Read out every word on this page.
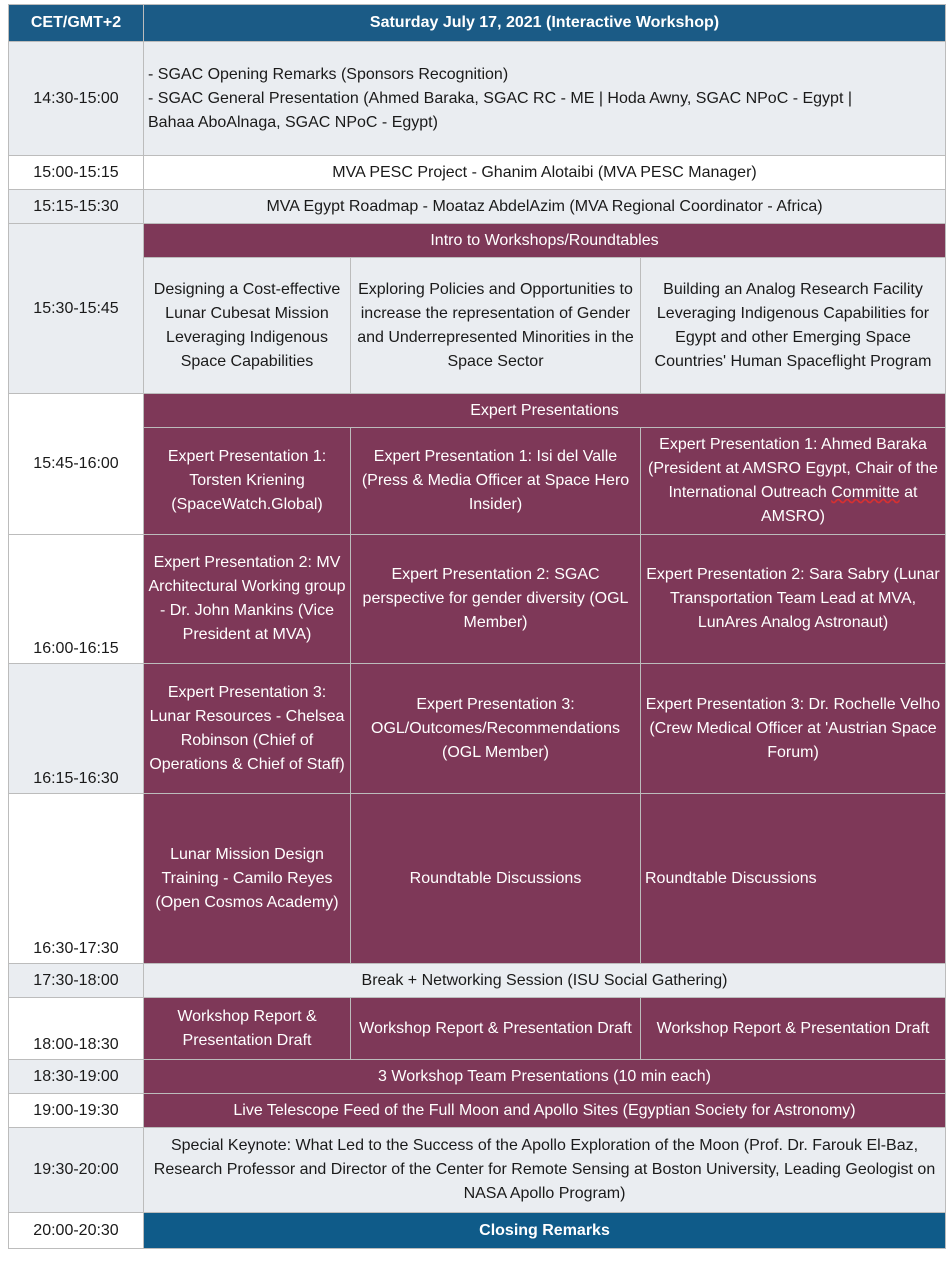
CET/GMT+2	Saturday July 17, 2021 (Interactive Workshop)		
14:30-15:00	- SGAC Opening Remarks (Sponsors Recognition)
- SGAC General Presentation (Ahmed Baraka, SGAC RC - ME | Hoda Awny, SGAC NPoC - Egypt |
Bahaa AboAlnaga, SGAC NPoC - Egypt)		

15:00-15:15	MVA PESC Project - Ghanim Alotaibi (MVA PESC Manager)		
15:15-15:30	MVA Egypt Roadmap - Moataz AbdelAzim (MVA Regional Coordinator - Africa)		
15:30-15:45	Intro to Workshops/Roundtables		
	Designing a Cost-effective Lunar Cubesat Mission Leveraging Indigenous Space Capabilities	Exploring Policies and Opportunities to increase the representation of Gender and Underrepresented Minorities in the Space Sector	Building an Analog Research Facility Leveraging Indigenous Capabilities for Egypt and other Emerging Space Countries' Human Spaceflight Program
15:45-16:00	Expert Presentations		
	Expert Presentation 1: Torsten Kriening (SpaceWatch.Global)	Expert Presentation 1: Isi del Valle (Press & Media Officer at Space Hero Insider)	Expert Presentation 1: Ahmed Baraka (President at AMSRO Egypt, Chair of the International Outreach Committe at AMSRO)
16:00-16:15	Expert Presentation 2: MV Architectural Working group - Dr. John Mankins (Vice President at MVA)	Expert Presentation 2: SGAC perspective for gender diversity (OGL Member)	Expert Presentation 2: Sara Sabry (Lunar Transportation Team Lead at MVA, LunAres Analog Astronaut)
16:15-16:30	Expert Presentation 3: Lunar Resources - Chelsea Robinson (Chief of Operations & Chief of Staff)	Expert Presentation 3: OGL/Outcomes/Recommendations (OGL Member)	Expert Presentation 3: Dr. Rochelle Velho (Crew Medical Officer at 'Austrian Space Forum)
16:30-17:30	Lunar Mission Design Training - Camilo Reyes (Open Cosmos Academy)	Roundtable Discussions	Roundtable Discussions
17:30-18:00	Break + Networking Session (ISU Social Gathering)		
18:00-18:30	Workshop Report & Presentation Draft	Workshop Report & Presentation Draft	Workshop Report & Presentation Draft
18:30-19:00	3 Workshop Team Presentations (10 min each)		
19:00-19:30	Live Telescope Feed of the Full Moon and Apollo Sites (Egyptian Society for Astronomy)		
19:30-20:00	Special Keynote: What Led to the Success of the Apollo Exploration of the Moon (Prof. Dr. Farouk El-Baz, Research Professor and Director of the Center for Remote Sensing at Boston University, Leading Geologist on NASA Apollo Program)		
20:00-20:30	Closing Remarks		
